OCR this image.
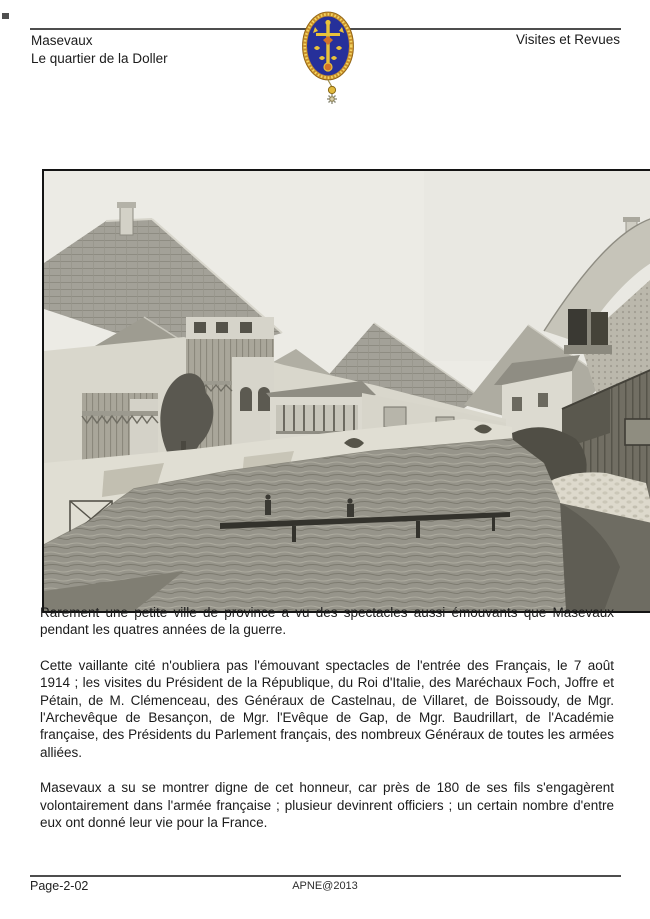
Masevaux
Le quartier de la Doller
Visites et Revues

Rarement une petite ville de province a vu des spectacles aussi émouvants que Masevaux pendant les quatres années de la guerre.

Cette vaillante cité n'oubliera pas l'émouvant spectacles de l'entrée des Français, le 7 août 1914 ; les visites du Président de la République, du Roi d'Italie, des Maréchaux Foch, Joffre et Pétain, de M. Clémenceau, des Généraux de Castelnau, de Villaret, de Boissoudy, de Mgr. l'Archevêque de Besançon, de Mgr. l'Evêque de Gap, de Mgr. Baudrillart, de l'Académie française, des Présidents du Parlement français, des nombreux Généraux de toutes les armées alliées.

Masevaux a su se montrer digne de cet honneur, car près de 180 de ses fils s'engagèrent volontairement dans l'armée française ; plusieur devinrent officiers ; un certain nombre d'entre eux ont donné leur vie pour la France.

Page-2-02	APNE@2013
